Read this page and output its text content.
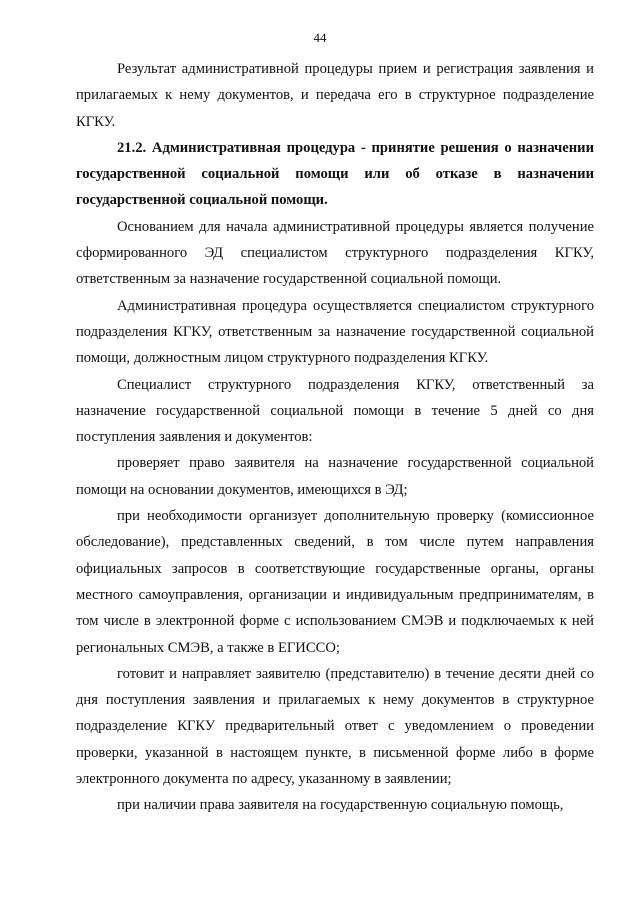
44

Результат административной процедуры прием и регистрация заявления и прилагаемых к нему документов, и передача его в структурное подразделение КГКУ.

21.2. Административная процедура - принятие решения о назначении государственной социальной помощи или об отказе в назначении государственной социальной помощи.

Основанием для начала административной процедуры является получение сформированного ЭД специалистом структурного подразделения КГКУ, ответственным за назначение государственной социальной помощи.

Административная процедура осуществляется специалистом структурного подразделения КГКУ, ответственным за назначение государственной социальной помощи, должностным лицом структурного подразделения КГКУ.

Специалист структурного подразделения КГКУ, ответственный за назначение государственной социальной помощи в течение 5 дней со дня поступления заявления и документов:

проверяет право заявителя на назначение государственной социальной помощи на основании документов, имеющихся в ЭД;

при необходимости организует дополнительную проверку (комиссионное обследование), представленных сведений, в том числе путем направления официальных запросов в соответствующие государственные органы, органы местного самоуправления, организации и индивидуальным предпринимателям, в том числе в электронной форме с использованием СМЭВ и подключаемых к ней региональных СМЭВ, а также в ЕГИССО;

готовит и направляет заявителю (представителю) в течение десяти дней со дня поступления заявления и прилагаемых к нему документов в структурное подразделение КГКУ предварительный ответ с уведомлением о проведении проверки, указанной в настоящем пункте, в письменной форме либо в форме электронного документа по адресу, указанному в заявлении;

при наличии права заявителя на государственную социальную помощь,
